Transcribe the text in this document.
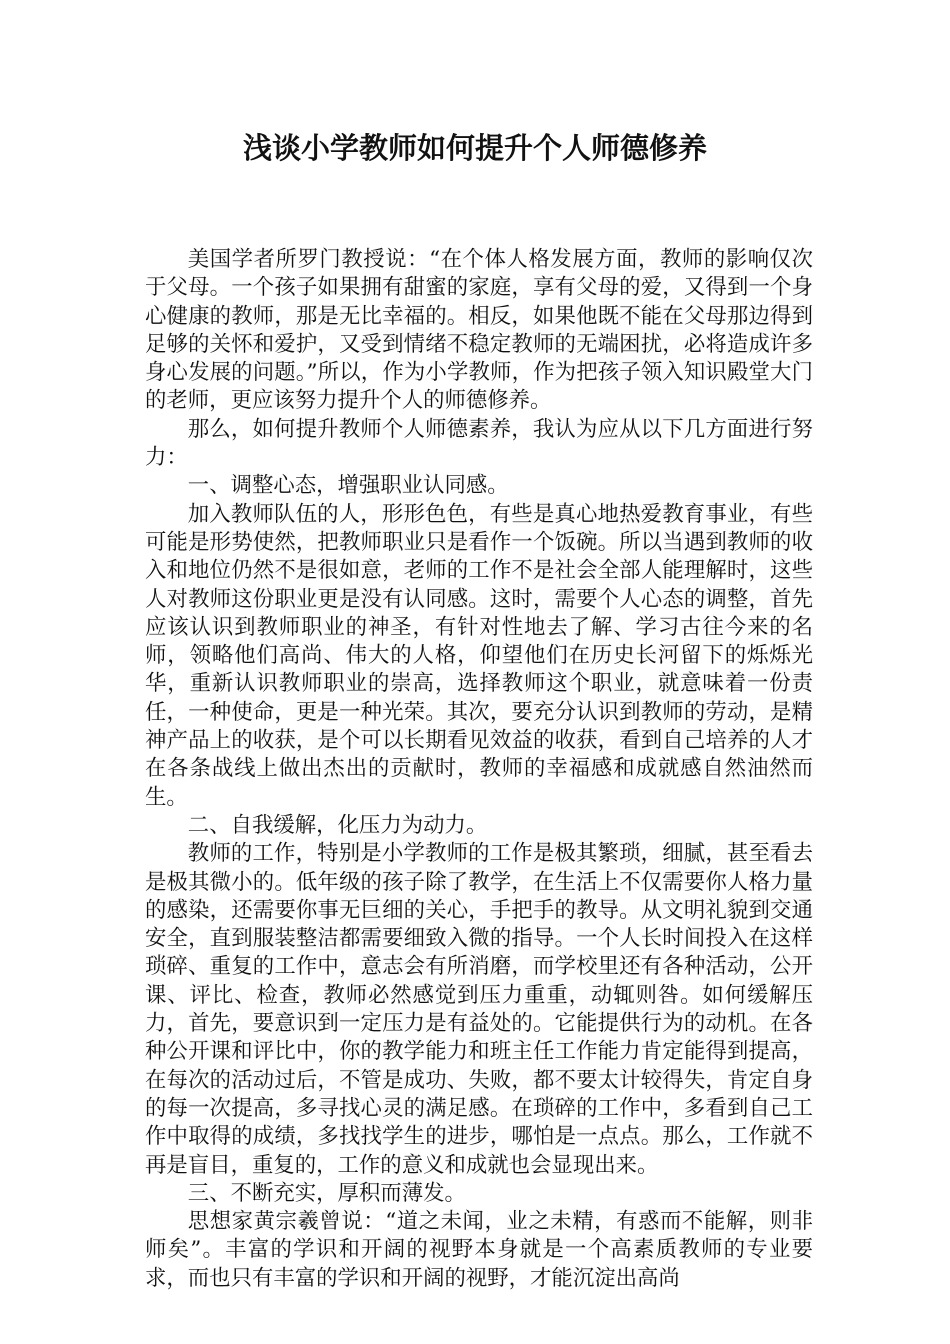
浅谈小学教师如何提升个人师德修养

美国学者所罗门教授说：“在个体人格发展方面，教师的影响仅次于父母。一个孩子如果拥有甜蜜的家庭，享有父母的爱，又得到一个身心健康的教师，那是无比幸福的。相反，如果他既不能在父母那边得到足够的关怀和爱护，又受到情绪不稳定教师的无端困扰，必将造成许多身心发展的问题。”所以，作为小学教师，作为把孩子领入知识殿堂大门的老师，更应该努力提升个人的师德修养。

那么，如何提升教师个人师德素养，我认为应从以下几方面进行努力：

一、调整心态，增强职业认同感。

加入教师队伍的人，形形色色，有些是真心地热爱教育事业，有些可能是形势使然，把教师职业只是看作一个饭碗。所以当遇到教师的收入和地位仍然不是很如意，老师的工作不是社会全部人能理解时，这些人对教师这份职业更是没有认同感。这时，需要个人心态的调整，首先应该认识到教师职业的神圣，有针对性地去了解、学习古往今来的名师，领略他们高尚、伟大的人格，仰望他们在历史长河留下的烁烁光华，重新认识教师职业的崇高，选择教师这个职业，就意味着一份责任，一种使命，更是一种光荣。其次，要充分认识到教师的劳动，是精神产品上的收获，是个可以长期看见效益的收获，看到自己培养的人才在各条战线上做出杰出的贡献时，教师的幸福感和成就感自然油然而生。

二、自我缓解，化压力为动力。

教师的工作，特别是小学教师的工作是极其繁琐，细腻，甚至看去是极其微小的。低年级的孩子除了教学，在生活上不仅需要你人格力量的感染，还需要你事无巨细的关心，手把手的教导。从文明礼貌到交通安全，直到服装整洁都需要细致入微的指导。一个人长时间投入在这样琐碎、重复的工作中，意志会有所消磨，而学校里还有各种活动，公开课、评比、检查，教师必然感觉到压力重重，动辄则咎。如何缓解压力，首先，要意识到一定压力是有益处的。它能提供行为的动机。在各种公开课和评比中，你的教学能力和班主任工作能力肯定能得到提高，在每次的活动过后，不管是成功、失败，都不要太计较得失，肯定自身的每一次提高，多寻找心灵的满足感。在琐碎的工作中，多看到自己工作中取得的成绩，多找找学生的进步，哪怕是一点点。那么，工作就不再是盲目，重复的，工作的意义和成就也会显现出来。

三、不断充实，厚积而薄发。

思想家黄宗羲曾说：“道之未闻，业之未精，有惑而不能解，则非师矣”。丰富的学识和开阔的视野本身就是一个高素质教师的专业要求，而也只有丰富的学识和开阔的视野，才能沉淀出高尚
